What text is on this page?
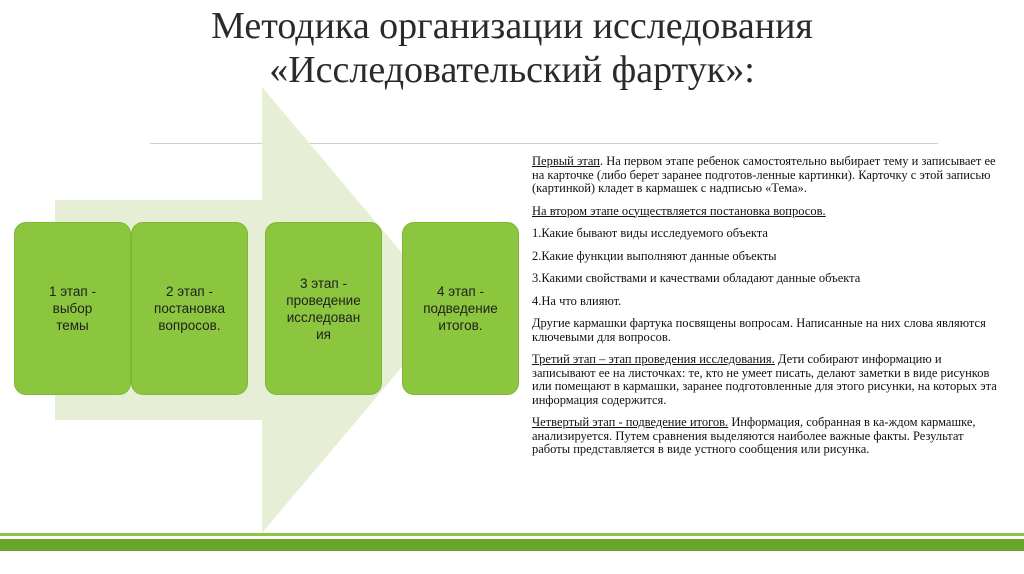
Методика организации исследования
«Исследовательский фартук»:
1 этап -
выбор
темы
2 этап -
постановка
вопросов.
3 этап -
проведение
исследован
ия
4 этап -
подведение
итогов.

Первый этап. На первом этапе ребенок самостоятельно выбирает тему и записывает ее на карточке (либо берет заранее подготов-ленные картинки). Карточку с этой записью (картинкой) кладет в кармашек с надписью «Тема».

На втором этапе осуществляется постановка вопросов.

1.Какие бывают виды исследуемого объекта

2.Какие функции выполняют данные объекты

3.Какими свойствами и качествами обладают данные объекта

4.На что влияют.

Другие кармашки фартука посвящены вопросам. Написанные на них слова являются ключевыми для вопросов.

Третий этап – этап проведения исследования. Дети собирают информацию и записывают ее на листочках: те, кто не умеет писать, делают заметки в виде рисунков или помещают в кармашки, заранее подготовленные для этого рисунки, на которых эта информация содержится.

Четвертый этап - подведение итогов. Информация, собранная в ка-ждом кармашке, анализируется. Путем сравнения выделяются наиболее важные факты. Результат работы представляется в виде устного сообщения или рисунка.
